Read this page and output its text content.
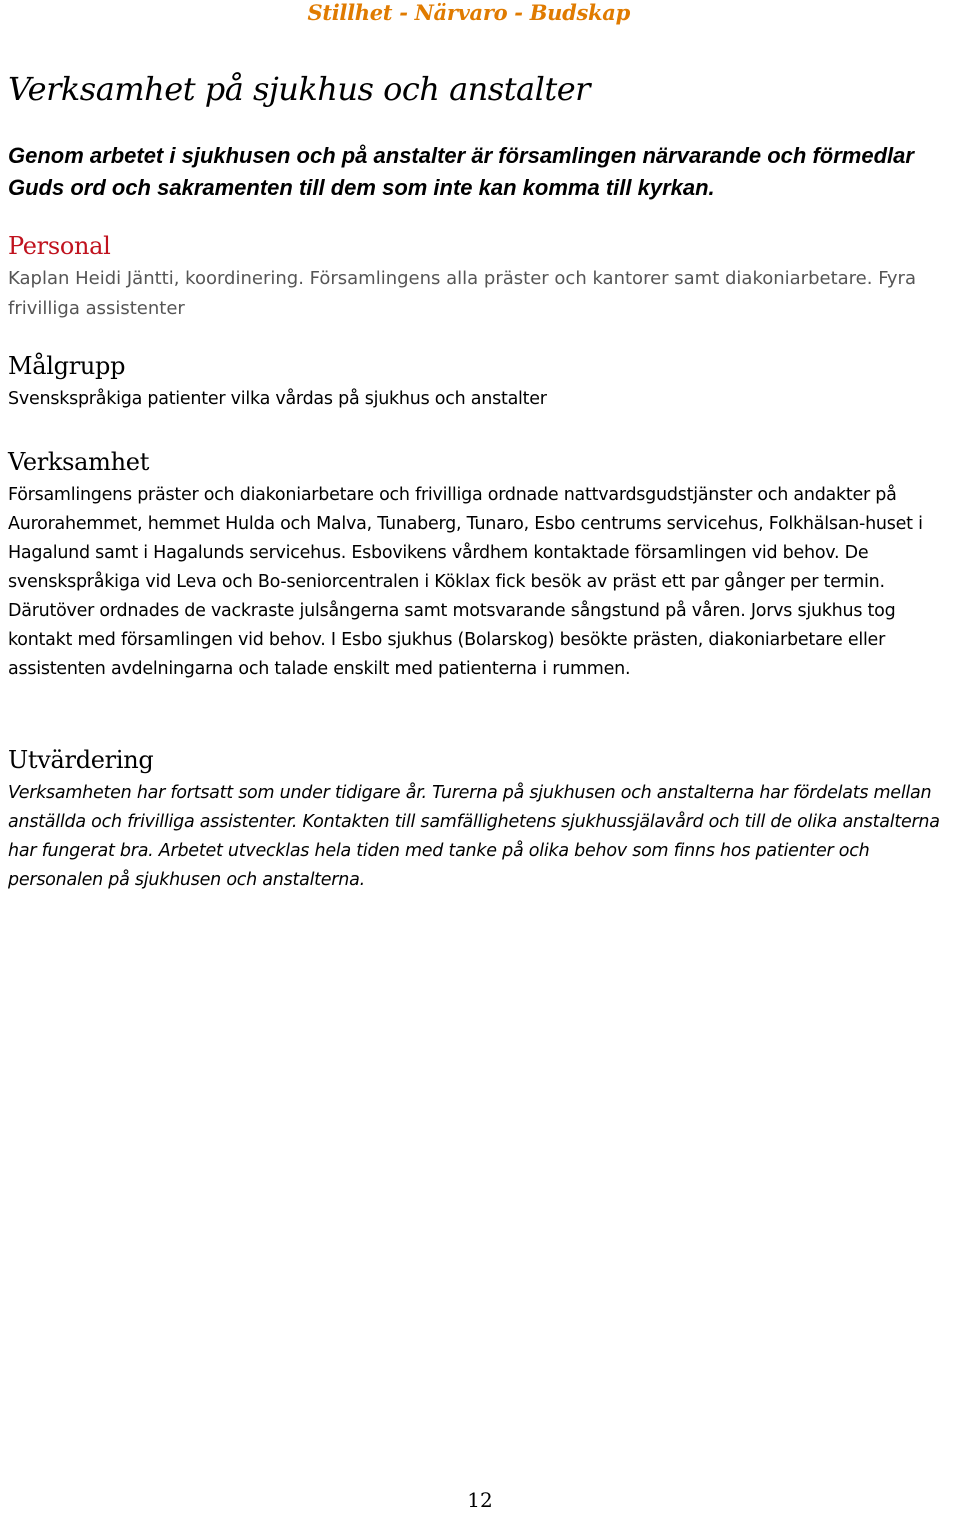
Stillhet - Närvaro - Budskap
Verksamhet på sjukhus och anstalter

Genom arbetet i sjukhusen och på anstalter är församlingen närvarande och förmedlar Guds ord och sakramenten till dem som inte kan komma till kyrkan.

Personal

Kaplan Heidi Jäntti, koordinering. Församlingens alla präster och kantorer samt diakoniarbetare. Fyra frivilliga assistenter

Målgrupp

Svenskspråkiga patienter vilka vårdas på sjukhus och anstalter

Verksamhet

Församlingens präster och diakoniarbetare och frivilliga ordnade nattvardsgudstjänster och andakter på Aurorahemmet, hemmet Hulda och Malva, Tunaberg, Tunaro, Esbo centrums servicehus, Folkhälsan-huset i Hagalund samt i Hagalunds servicehus. Esbovikens vårdhem kontaktade församlingen vid behov. De svenskspråkiga vid Leva och Bo-seniorcentralen i Köklax fick besök av präst ett par gånger per termin. Därutöver ordnades de vackraste julsångerna samt motsvarande sångstund på våren. Jorvs sjukhus tog kontakt med församlingen vid behov. I Esbo sjukhus (Bolarskog) besökte prästen, diakoniarbetare eller assistenten avdelningarna och talade enskilt med patienterna i rummen.

Utvärdering

Verksamheten har fortsatt som under tidigare år. Turerna på sjukhusen och anstalterna har fördelats mellan anställda och frivilliga assistenter. Kontakten till samfällighetens sjukhussjälavård och till de olika anstalterna har fungerat bra. Arbetet utvecklas hela tiden med tanke på olika behov som finns hos patienter och personalen på sjukhusen och anstalterna.

12
